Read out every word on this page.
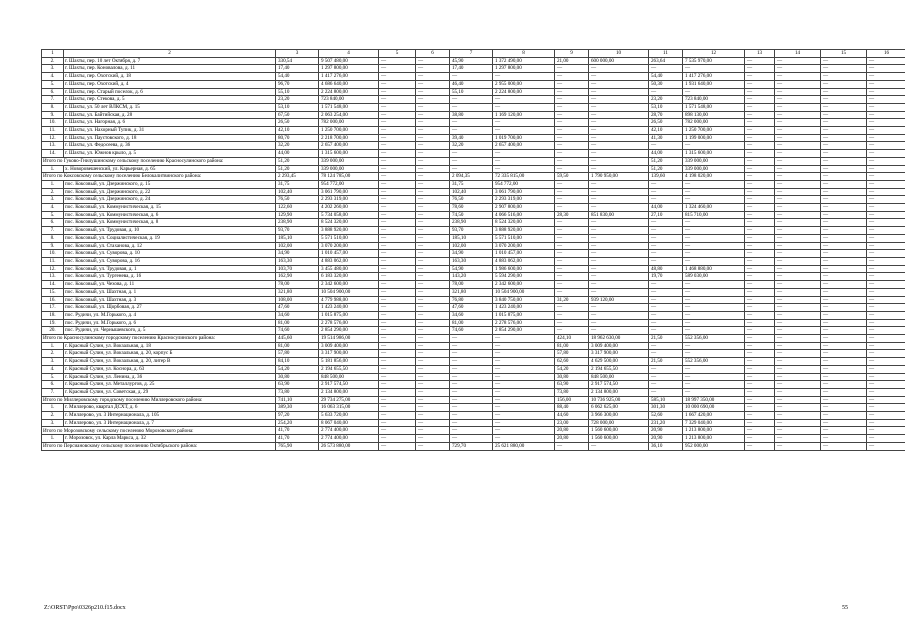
1	2	3	4	5	6	7	8	9	10	11	12	13	14	15	16
2.	г. Шахты, пер. 10 лет Октября, д. 7	330,54	9 507 480,00	—	—	45,90	1 372 490,00	21,00	600 000,00	263,64	7 535 970,00	—	—	—	—
3.	г. Шахты, пер. Коновалова, д. 11	17,40	1 297 800,00	—	—	17,40	1 297 800,00	—	—	—	—	—	—	—	—
4.	г. Шахты, пер. Охотский, д. 18	54,40	1 417 276,00	—	—	—	—	—	—	54,40	1 417 276,00	—	—	—	—
5.	г. Шахты, пер. Охотский, д. 4	96,70	4 686 640,00	—	—	46,40	2 955 000,00	—	—	50,30	1 931 640,00	—	—	—	—
6.	г. Шахты, пер. Старый поселок, д. 6	55,10	2 224 800,00	—	—	55,10	2 224 800,00	—	—	—	—	—	—	—	—
7.	г. Шахты, пер. Стекова, д. 5	23,20	723 840,00	—	—	—	—	—	—	23,20	723 840,00	—	—	—	—
8.	г. Шахты, ул. 50 лет ВЛКСМ, д. 15	53,10	1 571 548,00	—	—	—	—	—	—	53,10	1 571 548,00	—	—	—	—
9.	г. Шахты, ул. Байтийская, д. 28	67,50	2 063 254,00	—	—	38,80	1 169 120,00	—	—	28,70	898 130,00	—	—	—	—
10.	г. Шахты, ул. Нагорная, д. 6	26,50	782 000,00	—	—	—	—	—	—	26,50	782 000,00	—	—	—	—
11.	г. Шахты, ул. Нахорный Тупик, д. 31	42,10	1 250 700,00	—	—	—	—	—	—	42,10	1 250 700,00	—	—	—	—
12.	г. Шахты, ул. Паустовского, д. 18	80,70	2 218 700,00	—	—	39,40	1 019 700,00	—	—	41,30	1 199 000,00	—	—	—	—
13.	г. Шахты, ул. Федосеева, д. 36	32,20	2 657 400,00	—	—	32,20	2 657 400,00	—	—	—	—	—	—	—	—
14.	г. Шахты, ул. Южнов крыло, д. 5	44,00	1 315 600,00	—	—	—	—	—	—	44,00	1 315 600,00	—	—	—	—
Итого по Гуково-Гнилушинскому сельскому поселению Красносулинского района:		51,20	339 000,00	—	—	—	—	—	—	51,20	339 000,00	—	—	—	—
1.	х. Новоровешенский, ул. Карьерная, д. 65	51,20	339 000,00	—	—	—	—	—	—	51,20	339 000,00	—	—	—	—
Итого по Коксовскому сельскому поселению Белокалитвинского района:		2 293,45	78 124 785,00	—	—	2 094,35	72 335 815,00	59,50	1 790 950,00	139,60	4 198 020,00	—	—	—	—
1.	пос. Коксовый, ул. Дзержинского, д. 15	31,75	954 772,00	—	—	31,75	954 772,00	—	—	—	—	—	—	—	—
2.	пос. Коксовый, ул. Дзержинского, д. 22	102,40	3 061 790,00	—	—	102,40	3 061 790,00	—	—	—	—	—	—	—	—
3.	пос. Коксовый, ул. Дзержинского, д. 24	76,50	2 293 319,00	—	—	76,50	2 293 319,00	—	—	—	—	—	—	—	—
4.	пос. Коксовый, ул. Коммунистическая, д. 15	122,60	4 202 260,00	—	—	78,60	2 907 800,00	—	—	44,00	1 324 460,00	—	—	—	—
5.	пос. Коксовый, ул. Коммунистическая, д. 6	129,90	5 734 058,00	—	—	74,50	4 066 516,00	28,30	851 830,00	27,10	815 710,00	—	—	—	—
6.	пос. Коксовый, ул. Коммунистическая, д. 8	238,90	8 524 320,00	—	—	238,90	8 524 320,00	—	—	—	—	—	—	—	—
7.	пос. Коксовый, ул. Трудовая, д. 10	93,70	3 888 920,00	—	—	93,70	3 888 920,00	—	—	—	—	—	—	—	—
8.	пос. Коксовый, ул. Социалистическая, д. 19	185,10	5 571 510,00	—	—	185,10	5 571 510,00	—	—	—	—	—	—	—	—
9.	пос. Коксовый, ул. Стахановa, д. 12	102,00	3 070 200,00	—	—	102,00	3 070 200,00	—	—	—	—	—	—	—	—
10.	пос. Коксовый, ул. Суворова, д. 10	34,90	1 010 457,00	—	—	34,90	1 010 457,00	—	—	—	—	—	—	—	—
11.	пос. Коксовый, ул. Суворова, д. 16	163,30	4 883 062,00	—	—	163,30	4 883 062,00	—	—	—	—	—	—	—	—
12.	пос. Коксовый, ул. Трудовая, д. 1	103,70	3 455 480,00	—	—	54,90	1 986 600,00	—	—	48,80	1 468 880,00	—	—	—	—
13.	пос. Коксовый, ул. Тургенева, д. 16	162,90	6 183 320,00	—	—	143,20	5 594 290,00	—	—	19,70	589 030,00	—	—	—	—
14.	пос. Коксовый, ул. Чехова, д. 11	78,00	2 342 600,00	—	—	78,00	2 342 600,00	—	—	—	—	—	—	—	—
15.	пос. Коксовый, ул. Шахтная, д. 1	321,80	10 504 900,00	—	—	321,80	10 504 900,00	—	—	—	—	—	—	—	—
16.	пос. Коксовый, ул. Шахтная, д. 3	108,00	4 779 988,00	—	—	76,80	3 840 750,00	31,20	939 120,00	—	—	—	—	—	—
17.	пос. Коксовый, ул. Щорбовая, д. 27	47,60	1 423 240,00	—	—	47,60	1 423 240,00	—	—	—	—	—	—	—	—
18.	пос. Рудичи, ул. М.Горького, д. 4	34,60	1 015 875,00	—	—	34,60	1 015 875,00	—	—	—	—	—	—	—	—
19.	пос. Рудичи, ул. М.Горького, д. 6	81,00	2 278 576,00	—	—	81,00	2 278 576,00	—	—	—	—	—	—	—	—
20.	пос. Рудичи, ул. Чернышевского, д. 5	74,60	2 854 290,00	—	—	74,60	2 854 290,00	—	—	—	—	—	—	—	—
Итого по Красносулинскому городскому поселению Красносулинского района:		445,60	19 514 986,00	—	—	—	—	424,10	18 962 630,00	21,50	552 356,00	—	—	—	—
1.	г. Красный Сулин, ул. Вокзальная, д. 18	81,00	3 009 400,00	—	—	—	—	81,00	3 009 400,00	—	—	—	—	—	—
2.	г. Красный Сулин, ул. Вокзальная, д. 20, корпус Б	57,80	3 317 900,00	—	—	—	—	57,80	3 317 900,00	—	—	—	—	—	—
3.	г. Красный Сулин, ул. Вокзальная, д. 20, литер В	84,10	5 181 856,00	—	—	—	—	62,60	4 629 500,00	21,50	552 356,00	—	—	—	—
4.	г. Красный Сулин, ул. Коснора, д. 63	54,20	2 194 655,50	—	—	—	—	54,20	2 194 655,50	—	—	—	—	—	—
5.	г. Красный Сулин, ул. Ленина, д. 36	30,80	848 500,00	—	—	—	—	30,80	848 500,00	—	—	—	—	—	—
6.	г. Красный Сулин, ул. Металлургов, д. 25	63,90	2 917 574,50	—	—	—	—	63,90	2 917 574,50	—	—	—	—	—	—
7.	г. Красный Сулин, ул. Советская, д. 29	73,80	2 134 800,00	—	—	—	—	73,80	2 134 800,00	—	—	—	—	—	—
Итого по Миллеровскому городскому поселению Миллеровского района:		741,10	29 734 275,00	—	—	—	—	156,00	10 736 925,00	585,10	18 997 350,00	—	—	—	—
1.	г. Миллерово, квартал ДСХТ, д. 6	389,30	16 063 315,00	—	—	—	—	88,40	6 062 625,00	301,30	10 000 690,00	—	—	—	—
2.	г. Миллерово, ул. 3 Интернационала, д. 105	97,20	5 633 720,00	—	—	—	—	44,60	3 966 300,00	52,60	1 667 420,00	—	—	—	—
3.	г. Миллерово, ул. 3 Интернационала, д. 7	254,20	8 067 040,00	—	—	—	—	23,00	728 000,00	231,20	7 329 040,00	—	—	—	—
Итого по Морозовскому сельскому поселению Морозовского района:		41,70	2 774 400,00	—	—	—	—	20,80	1 560 600,00	20,90	1 213 800,00	—	—	—	—
1.	г. Морозовск, ул. Карла Маркса, д. 32	41,70	2 774 400,00	—	—	—	—	20,80	1 560 600,00	20,90	1 213 800,00	—	—	—	—
Итого по Персиановскому сельскому поселению Октябрьского района:		765,90	26 573 880,00	—	—	729,70	25 621 880,00	—	—	36,10	952 000,00	—	—	—	—
Z:\ORST\Ppo\0326p210.f15.docx	55
